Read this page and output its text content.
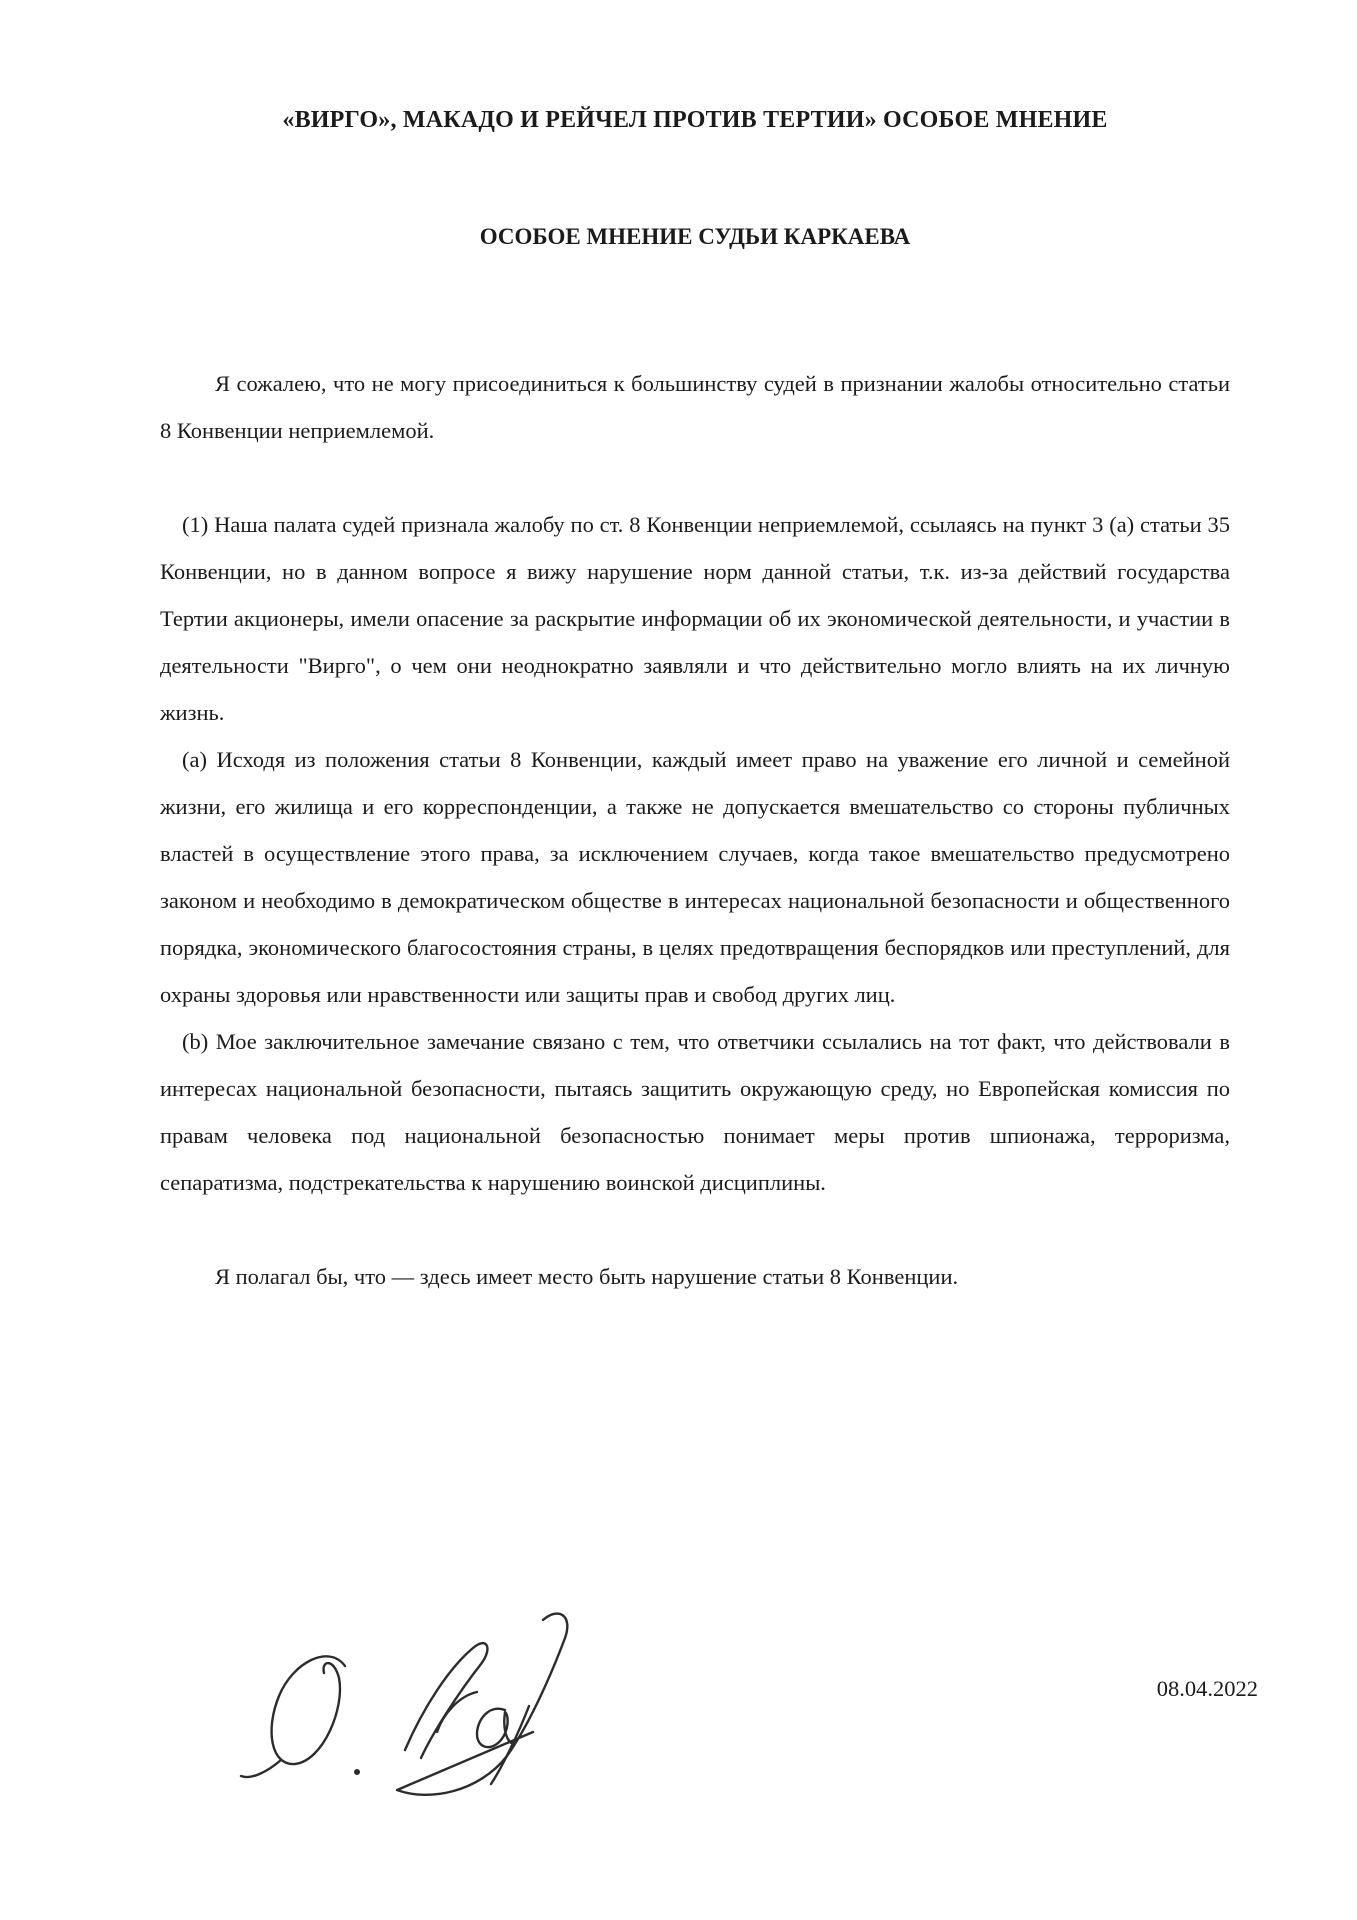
«ВИРГО», МАКАДО И РЕЙЧЕЛ ПРОТИВ ТЕРТИИ» ОСОБОЕ МНЕНИЕ
ОСОБОЕ МНЕНИЕ СУДЬИ КАРКАЕВА

Я сожалею, что не могу присоединиться к большинству судей в признании жалобы относительно статьи 8 Конвенции неприемлемой.

(1) Наша палата судей признала жалобу по ст. 8 Конвенции неприемлемой, ссылаясь на пункт 3 (а) статьи 35 Конвенции, но в данном вопросе я вижу нарушение норм данной статьи, т.к. из-за действий государства Тертии акционеры, имели опасение за раскрытие информации об их экономической деятельности, и участии в деятельности "Вирго", о чем они неоднократно заявляли и что действительно могло влиять на их личную жизнь.

(а) Исходя из положения статьи 8 Конвенции, каждый имеет право на уважение его личной и семейной жизни, его жилища и его корреспонденции, а также не допускается вмешательство со стороны публичных властей в осуществление этого права, за исключением случаев, когда такое вмешательство предусмотрено законом и необходимо в демократическом обществе в интересах национальной безопасности и общественного порядка, экономического благосостояния страны, в целях предотвращения беспорядков или преступлений, для охраны здоровья или нравственности или защиты прав и свобод других лиц.

(b) Мое заключительное замечание связано с тем, что ответчики ссылались на тот факт, что действовали в интересах национальной безопасности, пытаясь защитить окружающую среду, но Европейская комиссия по правам человека под национальной безопасностью понимает меры против шпионажа, терроризма, сепаратизма, подстрекательства к нарушению воинской дисциплины.

Я полагал бы, что — здесь имеет место быть нарушение статьи 8 Конвенции.

08.04.2022
